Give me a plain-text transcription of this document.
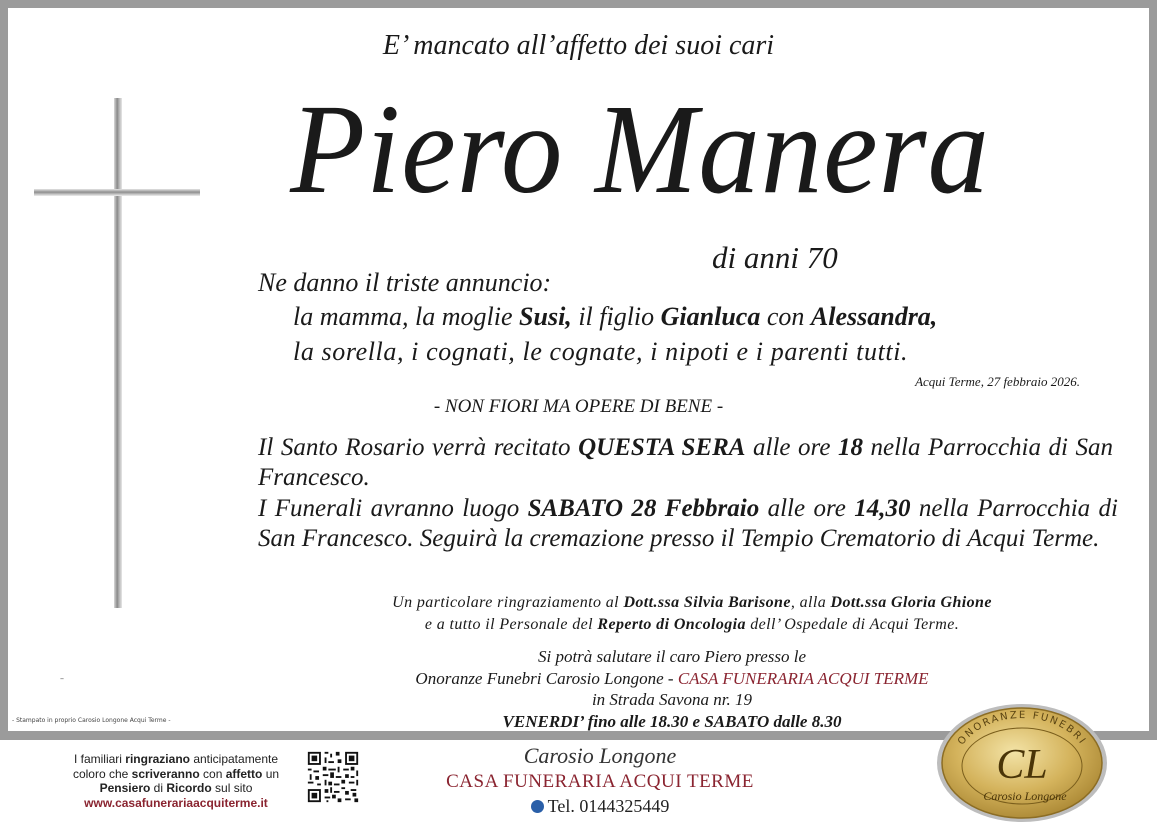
E’ mancato all’affetto dei suoi cari
Piero Manera
di anni 70
Ne danno il triste annuncio:
la mamma, la moglie Susi, il figlio Gianluca con Alessandra,
la sorella, i cognati, le cognate, i nipoti e i parenti tutti.
Acqui Terme, 27 febbraio 2026.
- NON FIORI MA OPERE DI BENE -
Il Santo Rosario verrà recitato QUESTA SERA alle ore 18 nella Parrocchia di San Francesco.
I Funerali avranno luogo SABATO 28 Febbraio alle ore 14,30 nella Parrocchia di San Francesco. Seguirà la cremazione presso il Tempio Crematorio di Acqui Terme.
Un particolare ringraziamento al Dott.ssa Silvia Barisone, alla Dott.ssa Gloria Ghione
e a tutto il Personale del Reperto di Oncologia dell’ Ospedale di Acqui Terme.
Si potrà salutare il caro Piero presso le
Onoranze Funebri Carosio Longone - CASA FUNERARIA ACQUI TERME
in Strada Savona nr. 19
VENERDI’ fino alle 18.30 e SABATO dalle 8.30
–
- Stampato in proprio Carosio Longone Acqui Terme -
I familiari ringraziano anticipatamente
coloro che scriveranno con affetto un
Pensiero di Ricordo sul sito
www.casafunerariaacquiterme.it
Carosio Longone
CASA FUNERARIA ACQUI TERME
Tel. 0144325449
ONORANZE FUNEBRI
CL
Carosio Longone
